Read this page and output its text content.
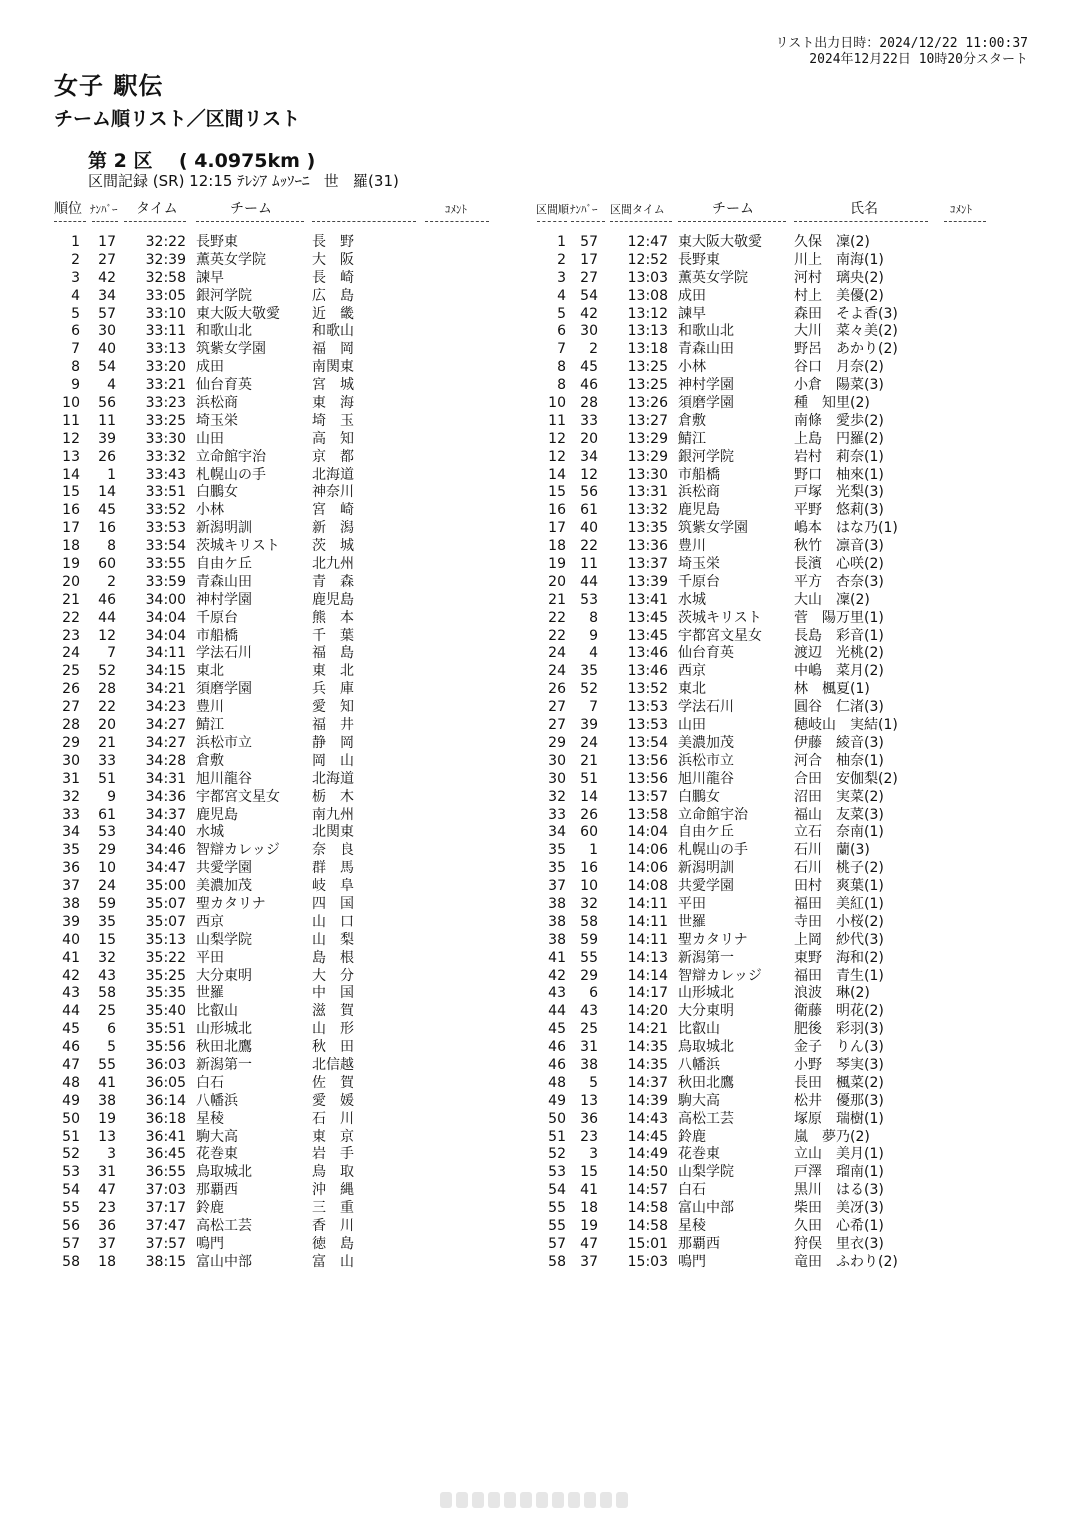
リスト出力日時：2024/12/22 11:00:37
2024年12月22日 10時20分スタート
女子 駅伝
チーム順リスト／区間リスト
第 2 区    ( 4.0975km )
区間記録 (SR) 12:15 ﾃﾚｼｱ ﾑｯｿｰﾆ   世   羅(31)
順位 ﾅﾝﾊﾞｰ タイム	チーム	ｺﾒﾝﾄ	区間順 ﾅﾝﾊﾞｰ 区間タイム	チーム	氏名	ｺﾒﾝﾄ
1	17	32:22 長野東	長　野
2	27	32:39 薫英女学院	大　阪
3	42	32:58 諫早	長　崎
4	34	33:05 銀河学院	広　島
5	57	33:10 東大阪大敬愛 近　畿
6	30	33:11 和歌山北	和歌山
7	40	33:13 筑紫女学園	福　岡
8	54	33:20 成田	南関東
9	4	33:21 仙台育英	宮　城
10	56	33:23 浜松商	東　海
11	11	33:25 埼玉栄	埼　玉
12	39	33:30 山田	高　知
13	26	33:32 立命館宇治	京　都
14	1	33:43 札幌山の手	北海道
15	14	33:51 白鵬女	神奈川
16	45	33:52 小林	宮　崎
17	16	33:53 新潟明訓	新　潟
18	8	33:54 茨城キリスト 茨　城
19	60	33:55 自由ケ丘	北九州
20	2	33:59 青森山田	青　森
21	46	34:00 神村学園	鹿児島
22	44	34:04 千原台	熊　本
23	12	34:04 市船橋	千　葉
24	7	34:11 学法石川	福　島
25	52	34:15 東北	東　北
26	28	34:21 須磨学園	兵　庫
27	22	34:23 豊川	愛　知
28	20	34:27 鯖江	福　井
29	21	34:27 浜松市立	静　岡
30	33	34:28 倉敷	岡　山
31	51	34:31 旭川龍谷	北海道
32	9	34:36 宇都宮文星女 栃　木
33	61	34:37 鹿児島	南九州
34	53	34:40 水城	北関東
35	29	34:46 智辯カレッジ 奈　良
36	10	34:47 共愛学園	群　馬
37	24	35:00 美濃加茂	岐　阜
38	59	35:07 聖カタリナ	四　国
39	35	35:07 西京	山　口
40	15	35:13 山梨学院	山　梨
41	32	35:22 平田	島　根
42	43	35:25 大分東明	大　分
43	58	35:35 世羅	中　国
44	25	35:40 比叡山	滋　賀
45	6	35:51 山形城北	山　形
46	5	35:56 秋田北鷹	秋　田
47	55	36:03 新潟第一	北信越
48	41	36:05 白石	佐　賀
49	38	36:14 八幡浜	愛　媛
50	19	36:18 星稜	石　川
51	13	36:41 駒大高	東　京
52	3	36:45 花巻東	岩　手
53	31	36:55 鳥取城北	鳥　取
54	47	37:03 那覇西	沖　縄
55	23	37:17 鈴鹿	三　重
56	36	37:47 高松工芸	香　川
57	37	37:57 鳴門	徳　島
58	18	38:15 富山中部	富　山
1	57	12:47 東大阪大敬愛 久保　凜(2)
2	17	12:52 長野東	川上　南海(1)
3	27	13:03 薫英女学院	河村　璃央(2)
4	54	13:08 成田	村上　美優(2)
5	42	13:12 諫早	森田　そよ香(3)
6	30	13:13 和歌山北	大川　菜々美(2)
7	2	13:18 青森山田	野呂　あかり(2)
8	45	13:25 小林	谷口　月奈(2)
8	46	13:25 神村学園	小倉　陽菜(3)
10	28	13:26 須磨学園	種　知里(2)
11	33	13:27 倉敷	南條　愛歩(2)
12	20	13:29 鯖江	上島　円羅(2)
12	34	13:29 銀河学院	岩村　莉奈(1)
14	12	13:30 市船橋	野口　柚來(1)
15	56	13:31 浜松商	戸塚　光梨(3)
16	61	13:32 鹿児島	平野　悠莉(3)
17	40	13:35 筑紫女学園	嶋本　はな乃(1)
18	22	13:36 豊川	秋竹　凛音(3)
19	11	13:37 埼玉栄	長濱　心咲(2)
20	44	13:39 千原台	平方　杏奈(3)
21	53	13:41 水城	大山　凜(2)
22	8	13:45 茨城キリスト 菅　陽万里(1)
22	9	13:45 宇都宮文星女 長島　彩音(1)
24	4	13:46 仙台育英	渡辺　光桃(2)
24	35	13:46 西京	中嶋　菜月(2)
26	52	13:52 東北	林　楓夏(1)
27	7	13:53 学法石川	圓谷　仁渚(3)
27	39	13:53 山田	穂岐山　実結(1)
29	24	13:54 美濃加茂	伊藤　綾音(3)
30	21	13:56 浜松市立	河合　柚奈(1)
30	51	13:56 旭川龍谷	合田　安伽梨(2)
32	14	13:57 白鵬女	沼田　実菜(2)
33	26	13:58 立命館宇治	福山　友菜(3)
34	60	14:04 自由ケ丘	立石　奈南(1)
35	1	14:06 札幌山の手	石川　蘭(3)
35	16	14:06 新潟明訓	石川　桃子(2)
37	10	14:08 共愛学園	田村　爽葉(1)
38	32	14:11 平田	福田　美紅(1)
38	58	14:11 世羅	寺田　小桜(2)
38	59	14:11 聖カタリナ	上岡　紗代(3)
41	55	14:13 新潟第一	東野　海和(2)
42	29	14:14 智辯カレッジ 福田　青生(1)
43	6	14:17 山形城北	浪波　琳(2)
44	43	14:20 大分東明	衛藤　明花(2)
45	25	14:21 比叡山	肥後　彩羽(3)
46	31	14:35 鳥取城北	金子　りん(3)
46	38	14:35 八幡浜	小野　琴実(3)
48	5	14:37 秋田北鷹	長田　楓菜(2)
49	13	14:39 駒大高	松井　優那(3)
50	36	14:43 高松工芸	塚原　瑞樹(1)
51	23	14:45 鈴鹿	嵐　夢乃(2)
52	3	14:49 花巻東	立山　美月(1)
53	15	14:50 山梨学院	戸澤　瑠南(1)
54	41	14:57 白石	黒川　はる(3)
55	18	14:58 富山中部	柴田　美冴(3)
55	19	14:58 星稜	久田　心希(1)
57	47	15:01 那覇西	狩俣　里衣(3)
58	37	15:03 鳴門	竜田　ふわり(2)
